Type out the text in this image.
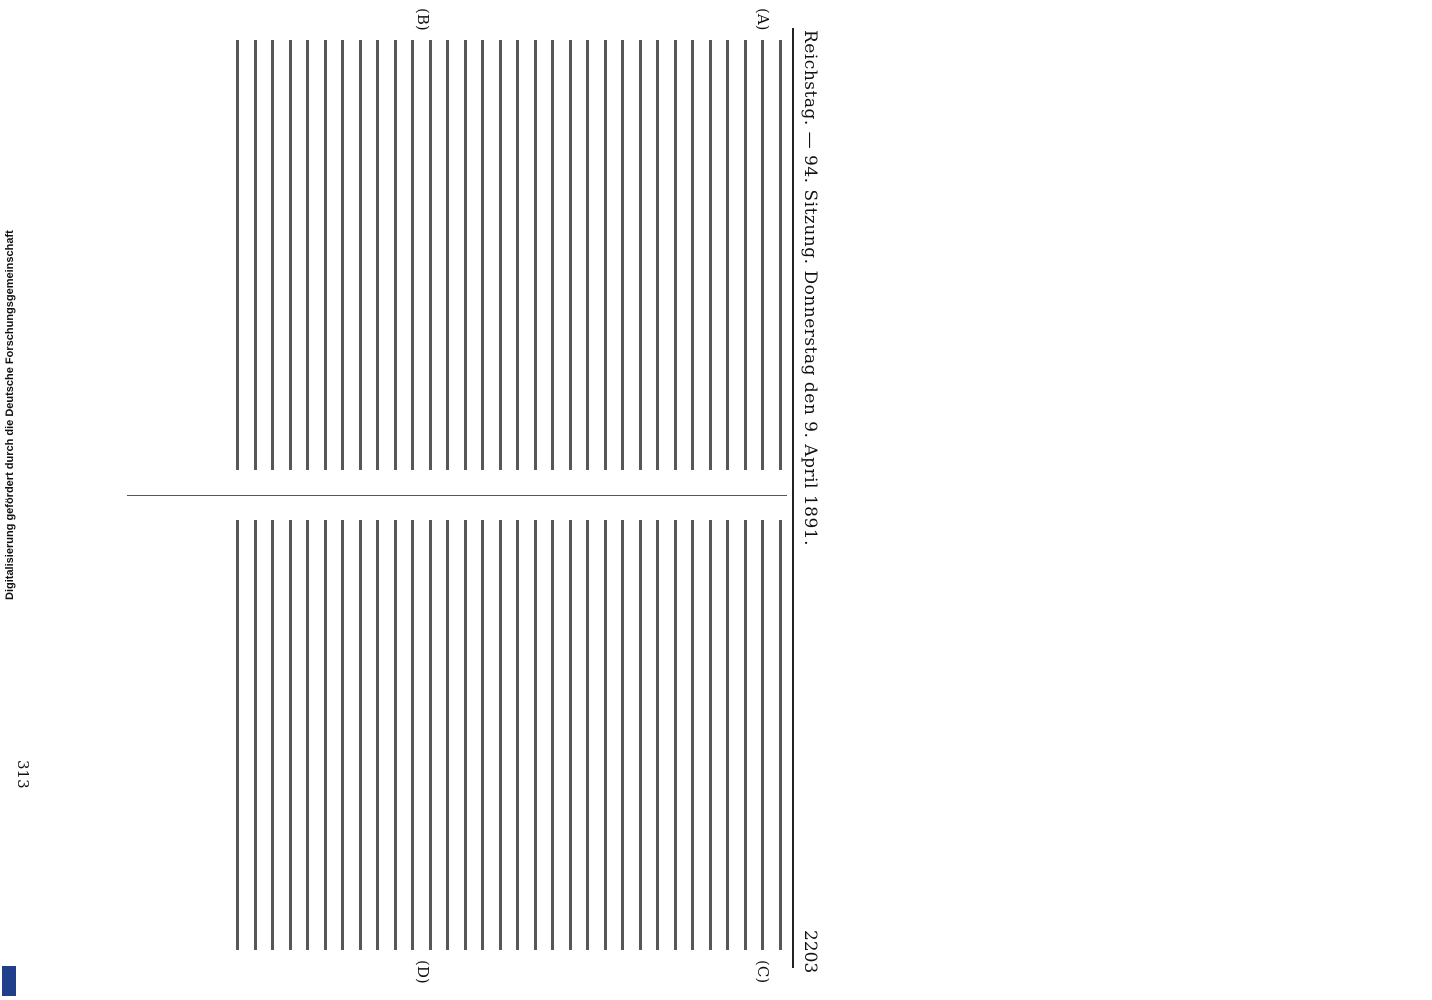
Reichstag. — 94. Sitzung. Donnerstag den 9. April 1891.
2203
(A)
(B)
(C)
(D)
313
Digitalisierung gefördert durch die Deutsche Forschungsgemeinschaft
